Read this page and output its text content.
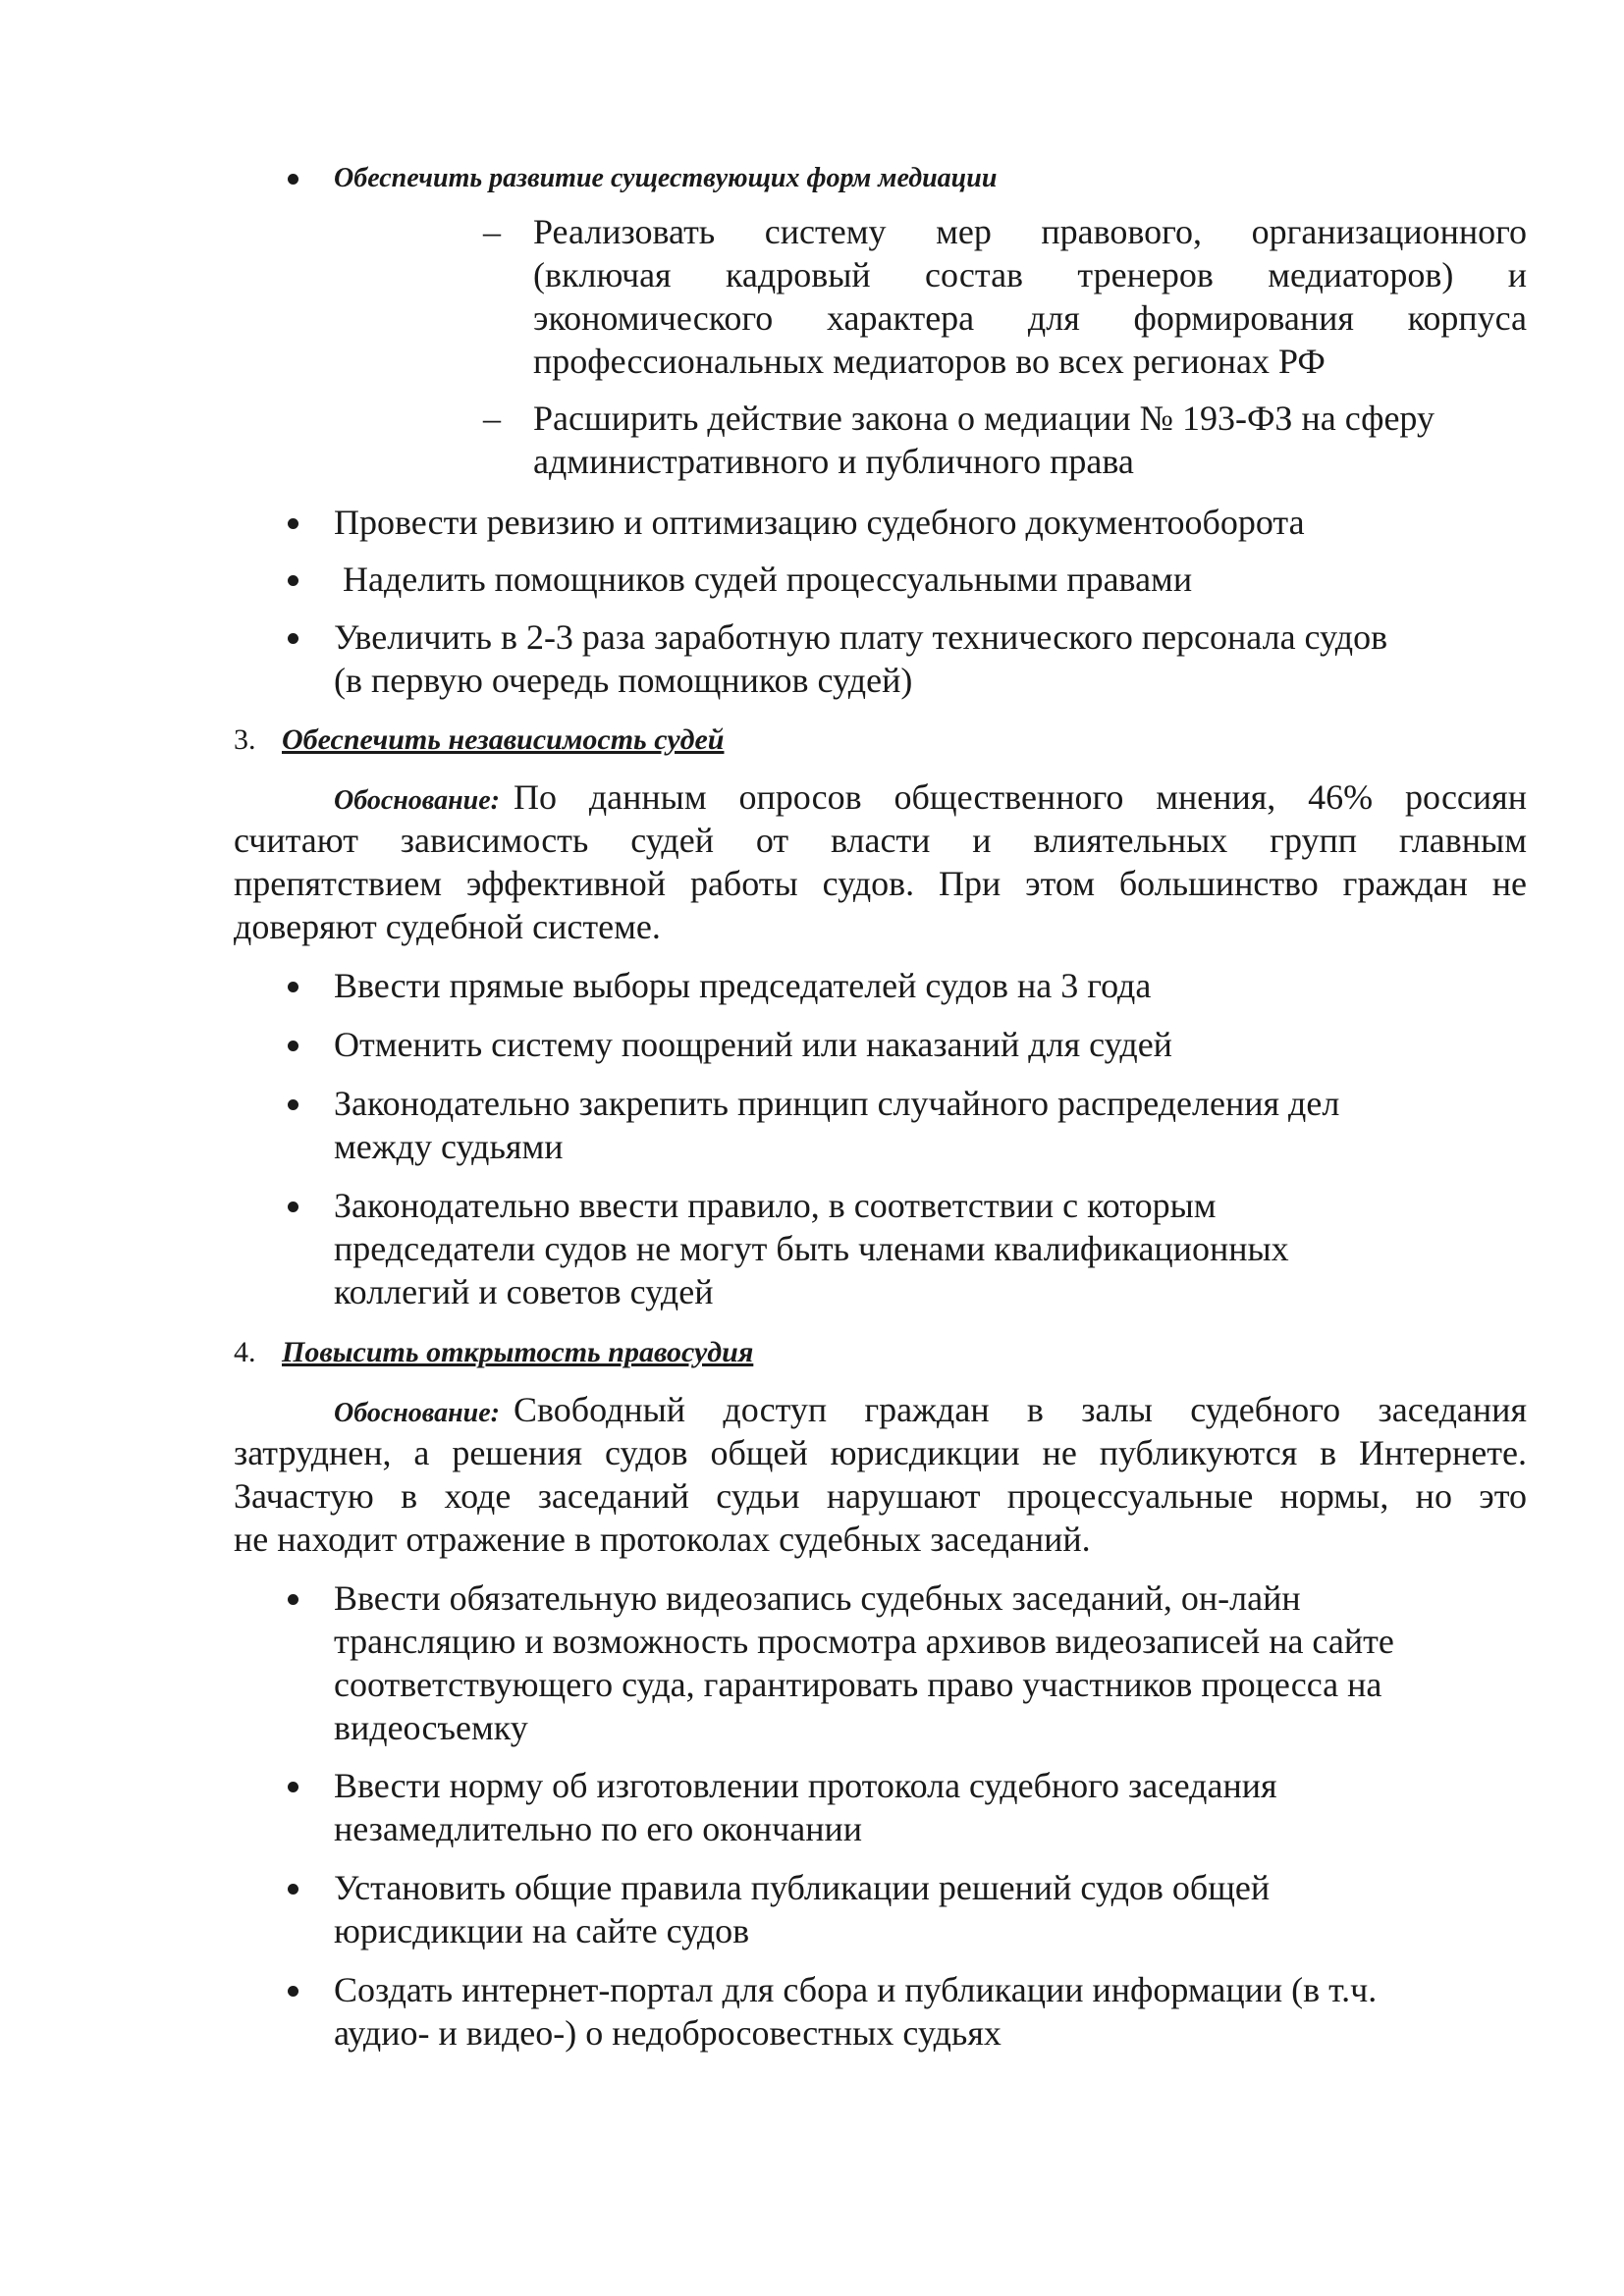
Обеспечить развитие существующих форм медиации
– Реализовать систему мер правового, организационного
(включая кадровый состав тренеров медиаторов) и
экономического характера для формирования корпуса
профессиональных медиаторов во всех регионах РФ
– Расширить действие закона о медиации № 193-ФЗ на сферу
административного и публичного права
Провести ревизию и оптимизацию судебного документооборота
Наделить помощников судей процессуальными правами
Увеличить в 2-3 раза заработную плату технического персонала судов
(в первую очередь помощников судей)
3. Обеспечить независимость судей
Обоснование: По данным опросов общественного мнения, 46% россиян
считают зависимость судей от власти и влиятельных групп главным
препятствием эффективной работы судов. При этом большинство граждан не
доверяют судебной системе.
Ввести прямые выборы председателей судов на 3 года
Отменить систему поощрений или наказаний для судей
Законодательно закрепить принцип случайного распределения дел
между судьями
Законодательно ввести правило, в соответствии с которым
председатели судов не могут быть членами квалификационных
коллегий и советов судей
4. Повысить открытость правосудия
Обоснование: Свободный доступ граждан в залы судебного заседания
затруднен, а решения судов общей юрисдикции не публикуются в Интернете.
Зачастую в ходе заседаний судьи нарушают процессуальные нормы, но это
не находит отражение в протоколах судебных заседаний.
Ввести обязательную видеозапись судебных заседаний, он-лайн
трансляцию и возможность просмотра архивов видеозаписей на сайте
соответствующего суда, гарантировать право участников процесса на
видеосъемку
Ввести норму об изготовлении протокола судебного заседания
незамедлительно по его окончании
Установить общие правила публикации решений судов общей
юрисдикции на сайте судов
Создать интернет-портал для сбора и публикации информации (в т.ч.
аудио- и видео-) о недобросовестных судьях
